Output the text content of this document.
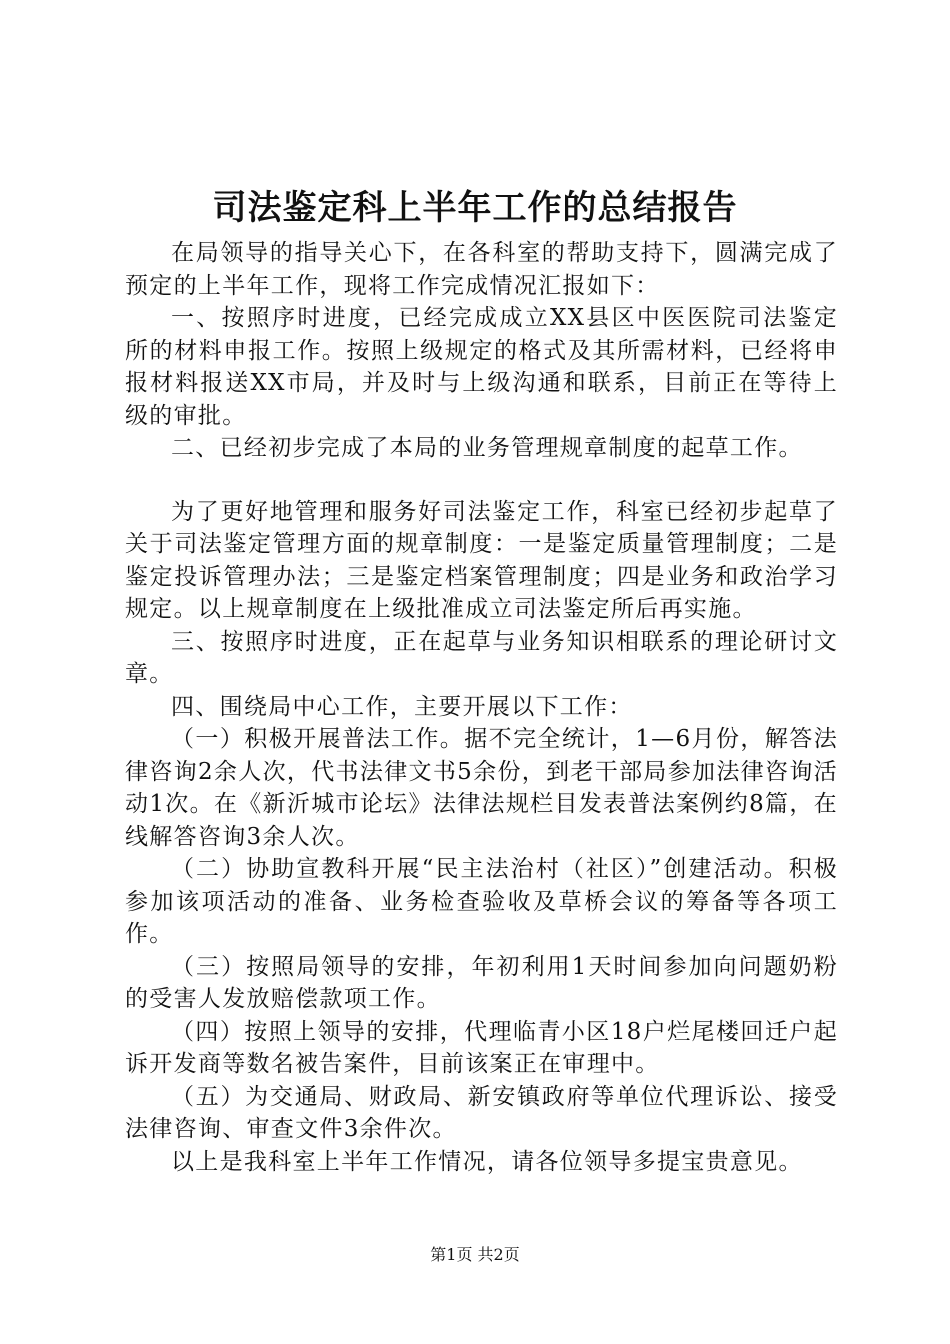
司法鉴定科上半年工作的总结报告

在局领导的指导关心下，在各科室的帮助支持下，圆满完成了预定的上半年工作，现将工作完成情况汇报如下：

一、按照序时进度，已经完成成立XX县区中医医院司法鉴定所的材料申报工作。按照上级规定的格式及其所需材料，已经将申报材料报送XX市局，并及时与上级沟通和联系，目前正在等待上级的审批。

二、已经初步完成了本局的业务管理规章制度的起草工作。

为了更好地管理和服务好司法鉴定工作，科室已经初步起草了关于司法鉴定管理方面的规章制度：一是鉴定质量管理制度；二是鉴定投诉管理办法；三是鉴定档案管理制度；四是业务和政治学习规定。以上规章制度在上级批准成立司法鉴定所后再实施。

三、按照序时进度，正在起草与业务知识相联系的理论研讨文章。

四、围绕局中心工作，主要开展以下工作：

（一）积极开展普法工作。据不完全统计，1—6月份，解答法律咨询2余人次，代书法律文书5余份，到老干部局参加法律咨询活动1次。在《新沂城市论坛》法律法规栏目发表普法案例约8篇，在线解答咨询3余人次。

（二）协助宣教科开展“民主法治村（社区）”创建活动。积极参加该项活动的准备、业务检查验收及草桥会议的筹备等各项工作。

（三）按照局领导的安排，年初利用1天时间参加向问题奶粉的受害人发放赔偿款项工作。

（四）按照上领导的安排，代理临青小区18户烂尾楼回迁户起诉开发商等数名被告案件，目前该案正在审理中。

（五）为交通局、财政局、新安镇政府等单位代理诉讼、接受法律咨询、审查文件3余件次。

以上是我科室上半年工作情况，请各位领导多提宝贵意见。

第1页 共2页
